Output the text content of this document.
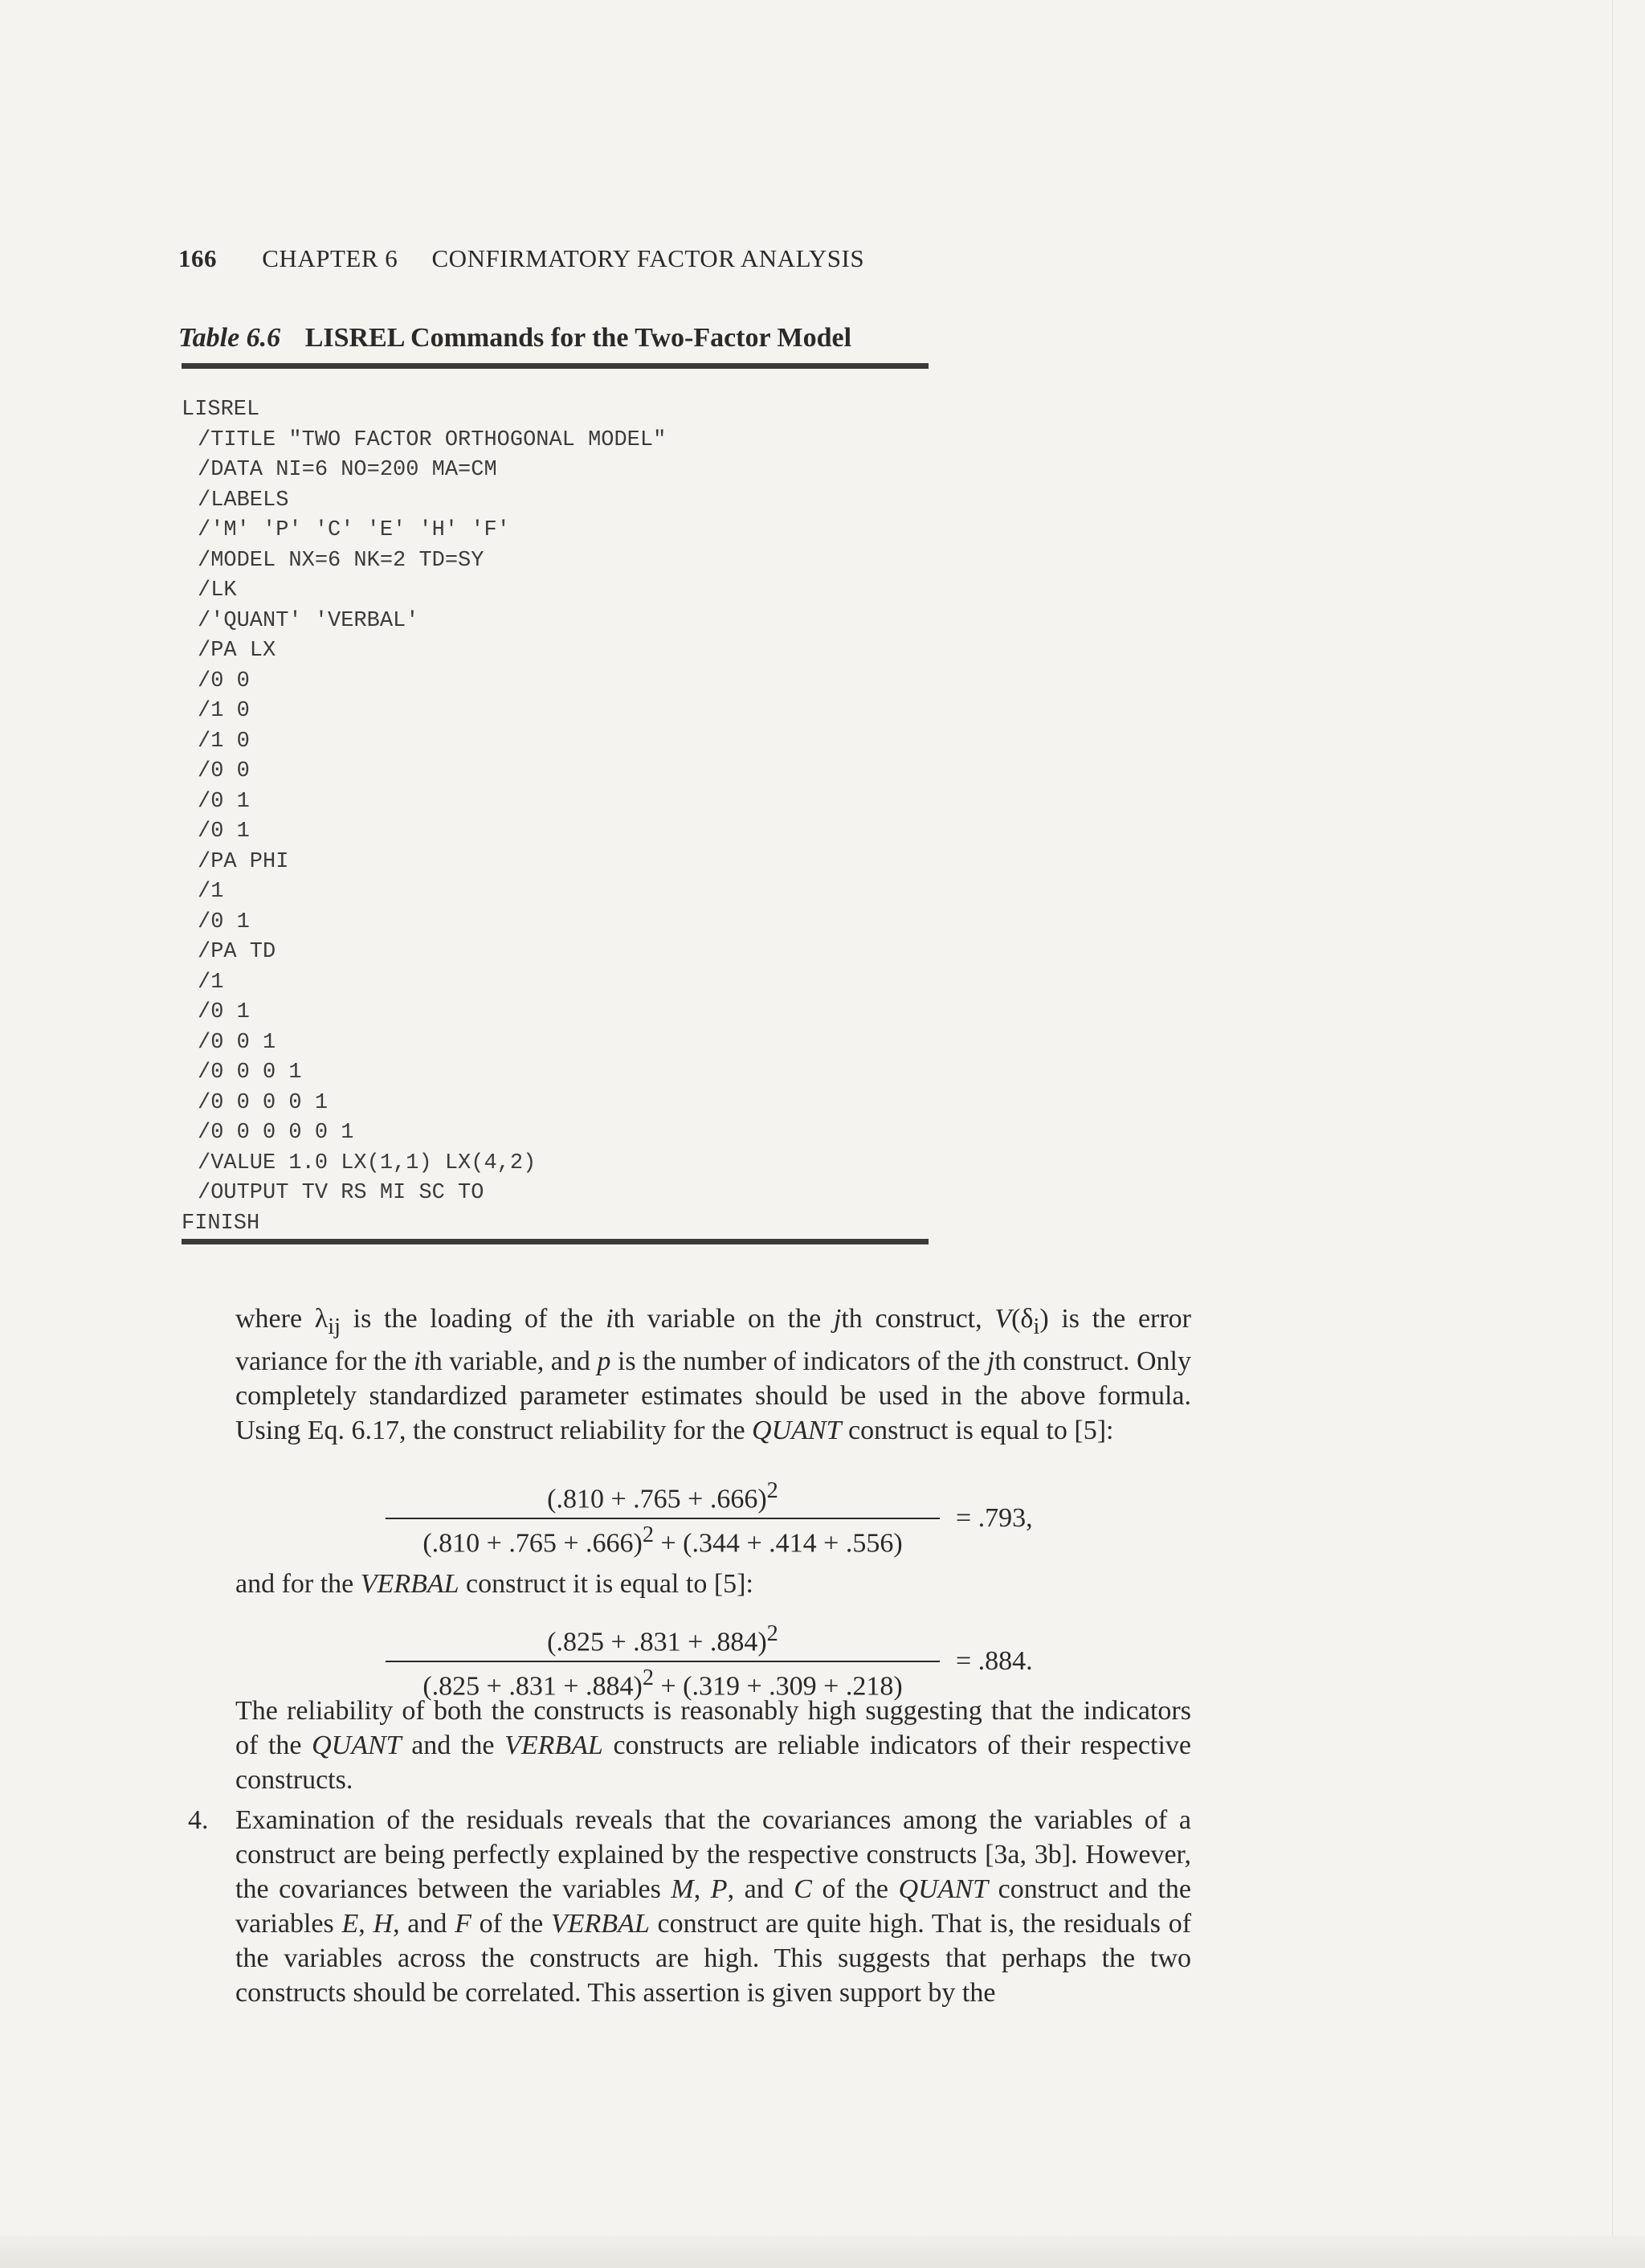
166 CHAPTER 6 CONFIRMATORY FACTOR ANALYSIS
Table 6.6 LISREL Commands for the Two-Factor Model
LISREL
/TITLE "TWO FACTOR ORTHOGONAL MODEL"
/DATA NI=6 NO=200 MA=CM
/LABELS
/'M' 'P' 'C' 'E' 'H' 'F'
/MODEL NX=6 NK=2 TD=SY
/LK
/'QUANT' 'VERBAL'
/PA LX
/0 0
/1 0
/1 0
/0 0
/0 1
/0 1
/PA PHI
/1
/0 1
/PA TD
/1
/0 1
/0 0 1
/0 0 0 1
/0 0 0 0 1
/0 0 0 0 0 1
/VALUE 1.0 LX(1,1) LX(4,2)
/OUTPUT TV RS MI SC TO
FINISH
where $\lambda_{ij}$ is the loading of the ith variable on the jth construct, $V(\delta_i)$ is the error variance for the ith variable, and p is the number of indicators of the jth construct. Only completely standardized parameter estimates should be used in the above formula. Using Eq. 6.17, the construct reliability for the QUANT construct is equal to [5]:
$\frac{(.810 + .765 + .666)^2}{(.810 + .765 + .666)^2 + (.344 + .414 + .556)} = .793$,
and for the VERBAL construct it is equal to [5]:
$\frac{(.825 + .831 + .884)^2}{(.825 + .831 + .884)^2 + (.319 + .309 + .218)} = .884$.
The reliability of both the constructs is reasonably high suggesting that the indicators of the QUANT and the VERBAL constructs are reliable indicators of their respective constructs.
4. Examination of the residuals reveals that the covariances among the variables of a construct are being perfectly explained by the respective constructs [3a, 3b]. However, the covariances between the variables M, P, and C of the QUANT construct and the variables E, H, and F of the VERBAL construct are quite high. That is, the residuals of the variables across the constructs are high. This suggests that perhaps the two constructs should be correlated. This assertion is given support by the
